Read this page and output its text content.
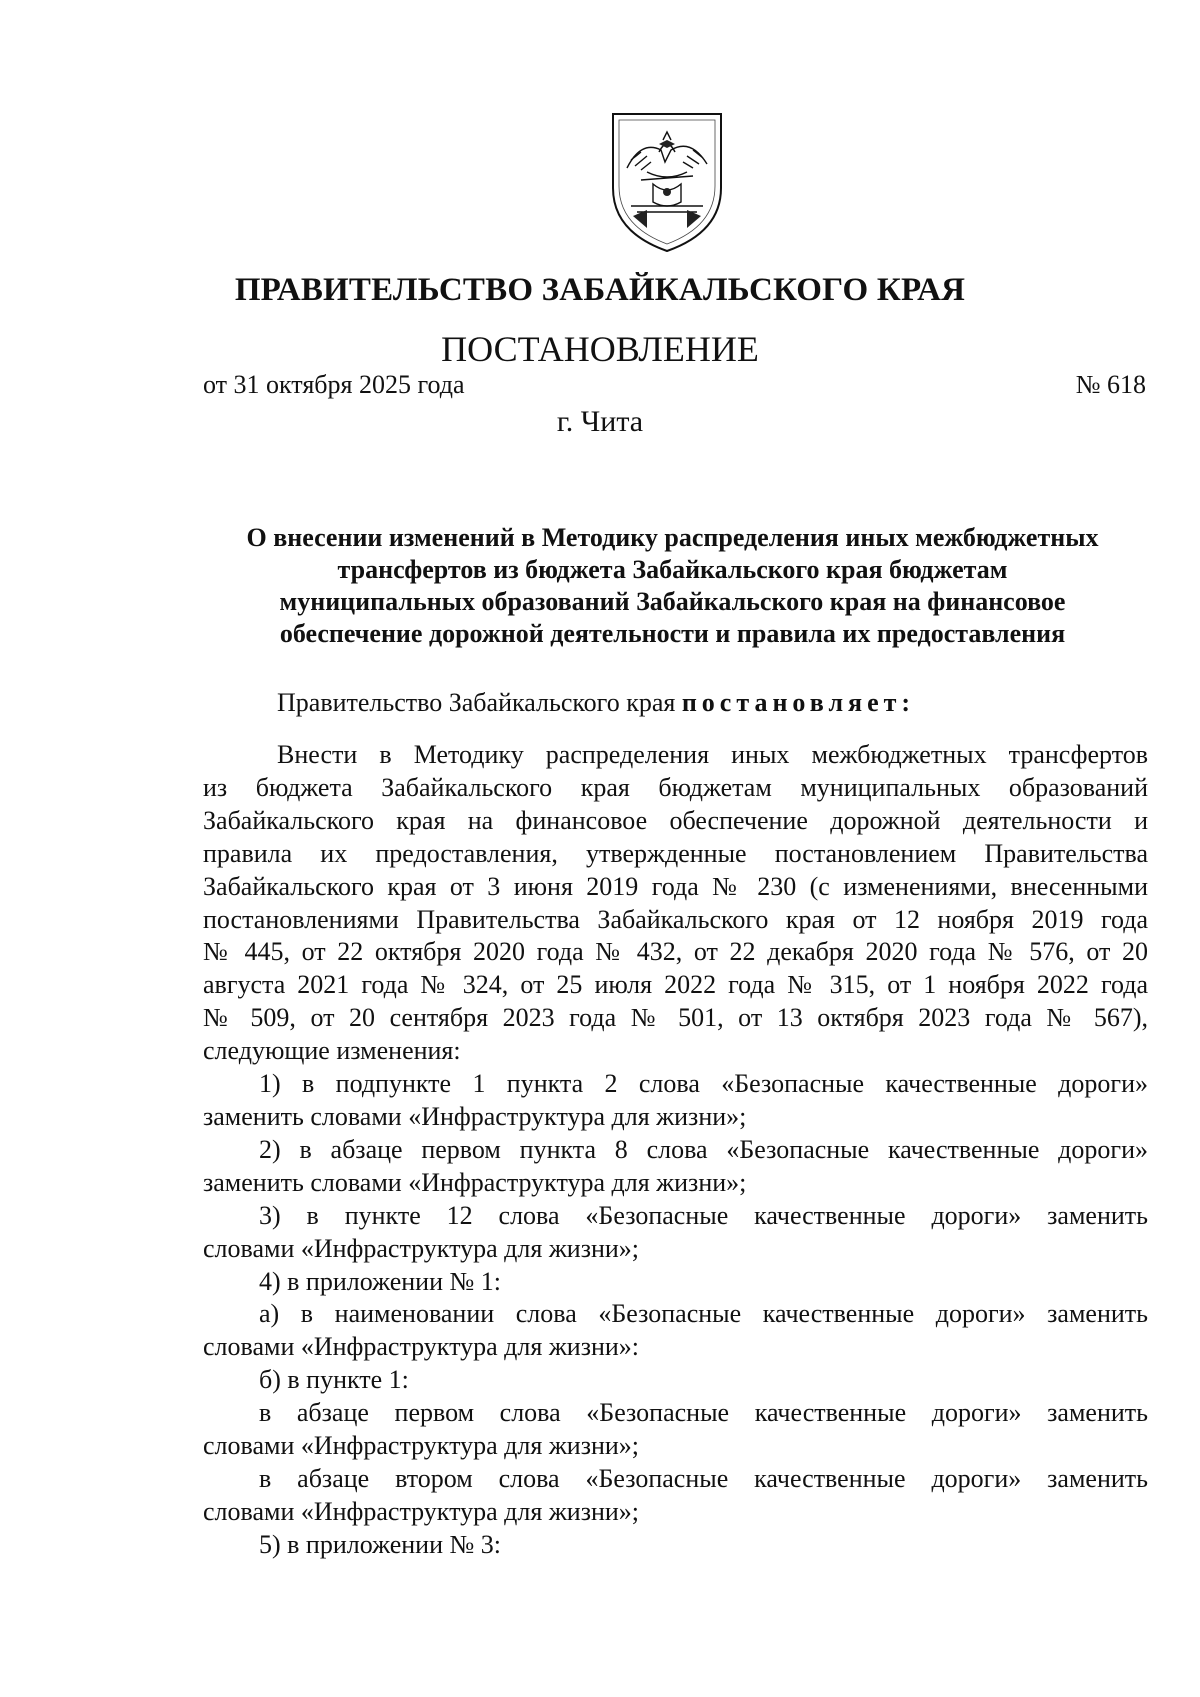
ПРАВИТЕЛЬСТВО ЗАБАЙКАЛЬСКОГО КРАЯ
ПОСТАНОВЛЕНИЕ
от 31 октября 2025 года	№ 618
г. Чита
О внесении изменений в Методику распределения иных межбюджетных
трансфертов из бюджета Забайкальского края бюджетам
муниципальных образований Забайкальского края на финансовое
обеспечение дорожной деятельности и правила их предоставления
Правительство Забайкальского края постановляет:

Внести в Методику распределения иных межбюджетных трансфертов
из бюджета Забайкальского края бюджетам муниципальных образований
Забайкальского края на финансовое обеспечение дорожной деятельности и
правила их предоставления, утвержденные постановлением Правительства
Забайкальского края от 3 июня 2019 года № 230 (с изменениями, внесенными
постановлениями Правительства Забайкальского края от 12 ноября 2019 года
№ 445, от 22 октября 2020 года № 432, от 22 декабря 2020 года № 576, от 20
августа 2021 года № 324, от 25 июля 2022 года № 315, от 1 ноября 2022 года
№ 509, от 20 сентября 2023 года № 501, от 13 октября 2023 года № 567),
следующие изменения:

1) в подпункте 1 пункта 2 слова «Безопасные качественные дороги»
заменить словами «Инфраструктура для жизни»;

2) в абзаце первом пункта 8 слова «Безопасные качественные дороги»
заменить словами «Инфраструктура для жизни»;

3) в пункте 12 слова «Безопасные качественные дороги» заменить
словами «Инфраструктура для жизни»;

4) в приложении № 1:

а) в наименовании слова «Безопасные качественные дороги» заменить
словами «Инфраструктура для жизни»:

б) в пункте 1:

в абзаце первом слова «Безопасные качественные дороги» заменить
словами «Инфраструктура для жизни»;

в абзаце втором слова «Безопасные качественные дороги» заменить
словами «Инфраструктура для жизни»;

5) в приложении № 3:
